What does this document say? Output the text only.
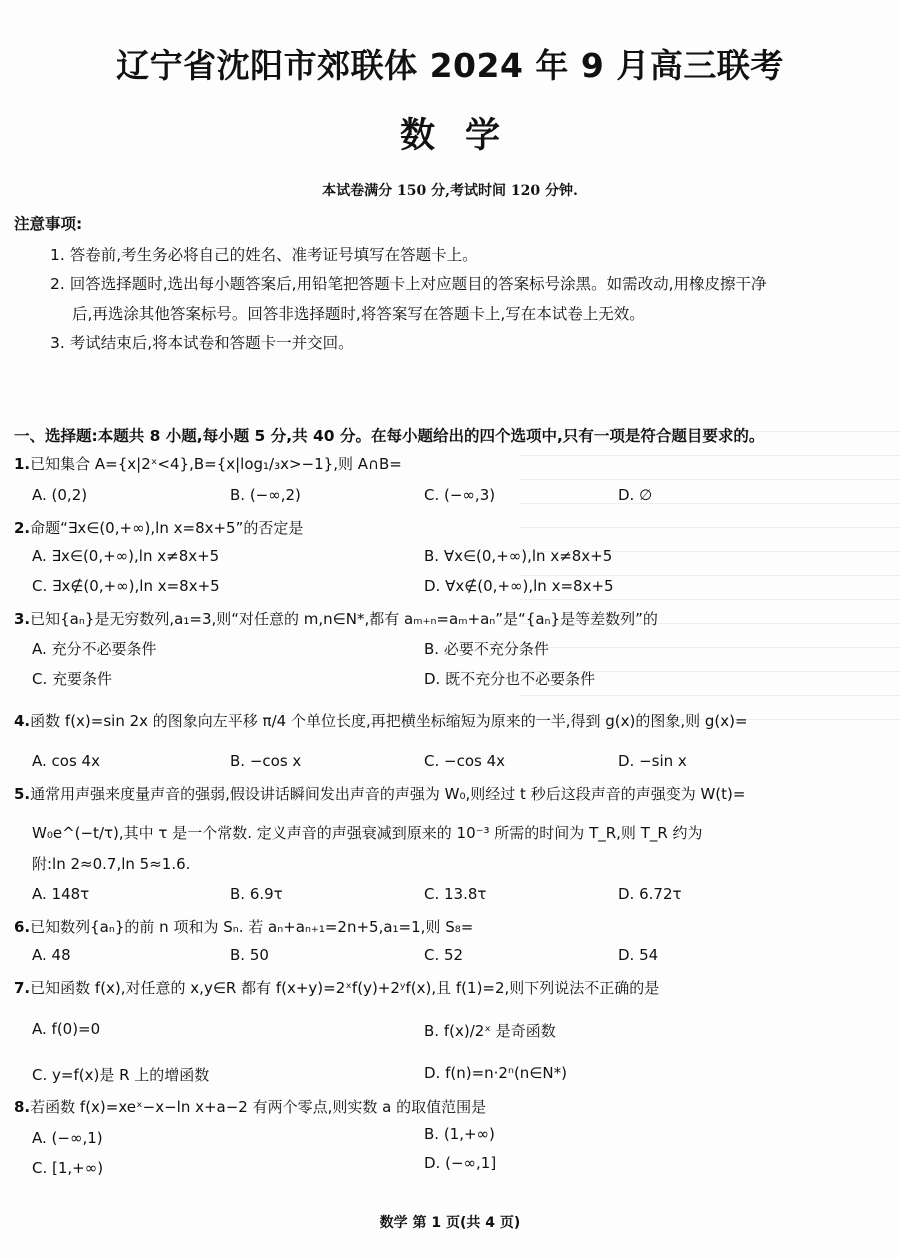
辽宁省沈阳市郊联体 2024 年 9 月高三联考
数学
本试卷满分 150 分,考试时间 120 分钟.
注意事项:
1. 答卷前,考生务必将自己的姓名、准考证号填写在答题卡上。
2. 回答选择题时,选出每小题答案后,用铅笔把答题卡上对应题目的答案标号涂黑。如需改动,用橡皮擦干净
后,再选涂其他答案标号。回答非选择题时,将答案写在答题卡上,写在本试卷上无效。
3. 考试结束后,将本试卷和答题卡一并交回。
一、选择题:本题共 8 小题,每小题 5 分,共 40 分。在每小题给出的四个选项中,只有一项是符合题目要求的。
1.已知集合 A={x|2ˣ<4},B={x|log₁/₃x>−1},则 A∩B=
A. (0,2)	B. (−∞,2)	C. (−∞,3)	D. ∅
2.命题“∃x∈(0,+∞),ln x=8x+5”的否定是
A. ∃x∈(0,+∞),ln x≠8x+5	B. ∀x∈(0,+∞),ln x≠8x+5
C. ∃x∉(0,+∞),ln x=8x+5	D. ∀x∉(0,+∞),ln x=8x+5
3.已知{aₙ}是无穷数列,a₁=3,则“对任意的 m,n∈N*,都有 aₘ₊ₙ=aₘ+aₙ”是“{aₙ}是等差数列”的
A. 充分不必要条件	B. 必要不充分条件
C. 充要条件	D. 既不充分也不必要条件
4.函数 f(x)=sin 2x 的图象向左平移 π/4 个单位长度,再把横坐标缩短为原来的一半,得到 g(x)的图象,则 g(x)=
A. cos 4x	B. −cos x	C. −cos 4x	D. −sin x
5.通常用声强来度量声音的强弱,假设讲话瞬间发出声音的声强为 W₀,则经过 t 秒后这段声音的声强变为 W(t)=
W₀e^(−t/τ),其中 τ 是一个常数. 定义声音的声强衰减到原来的 10⁻³ 所需的时间为 T_R,则 T_R 约为
附:ln 2≈0.7,ln 5≈1.6.
A. 148τ	B. 6.9τ	C. 13.8τ	D. 6.72τ
6.已知数列{aₙ}的前 n 项和为 Sₙ. 若 aₙ+aₙ₊₁=2n+5,a₁=1,则 S₈=
A. 48	B. 50	C. 52	D. 54
7.已知函数 f(x),对任意的 x,y∈R 都有 f(x+y)=2ˣf(y)+2ʸf(x),且 f(1)=2,则下列说法不正确的是
A. f(0)=0	B. f(x)/2ˣ 是奇函数
C. y=f(x)是 R 上的增函数	D. f(n)=n·2ⁿ(n∈N*)
8.若函数 f(x)=xeˣ−x−ln x+a−2 有两个零点,则实数 a 的取值范围是
A. (−∞,1)	B. (1,+∞)
C. [1,+∞)	D. (−∞,1]
数学 第 1 页(共 4 页)
